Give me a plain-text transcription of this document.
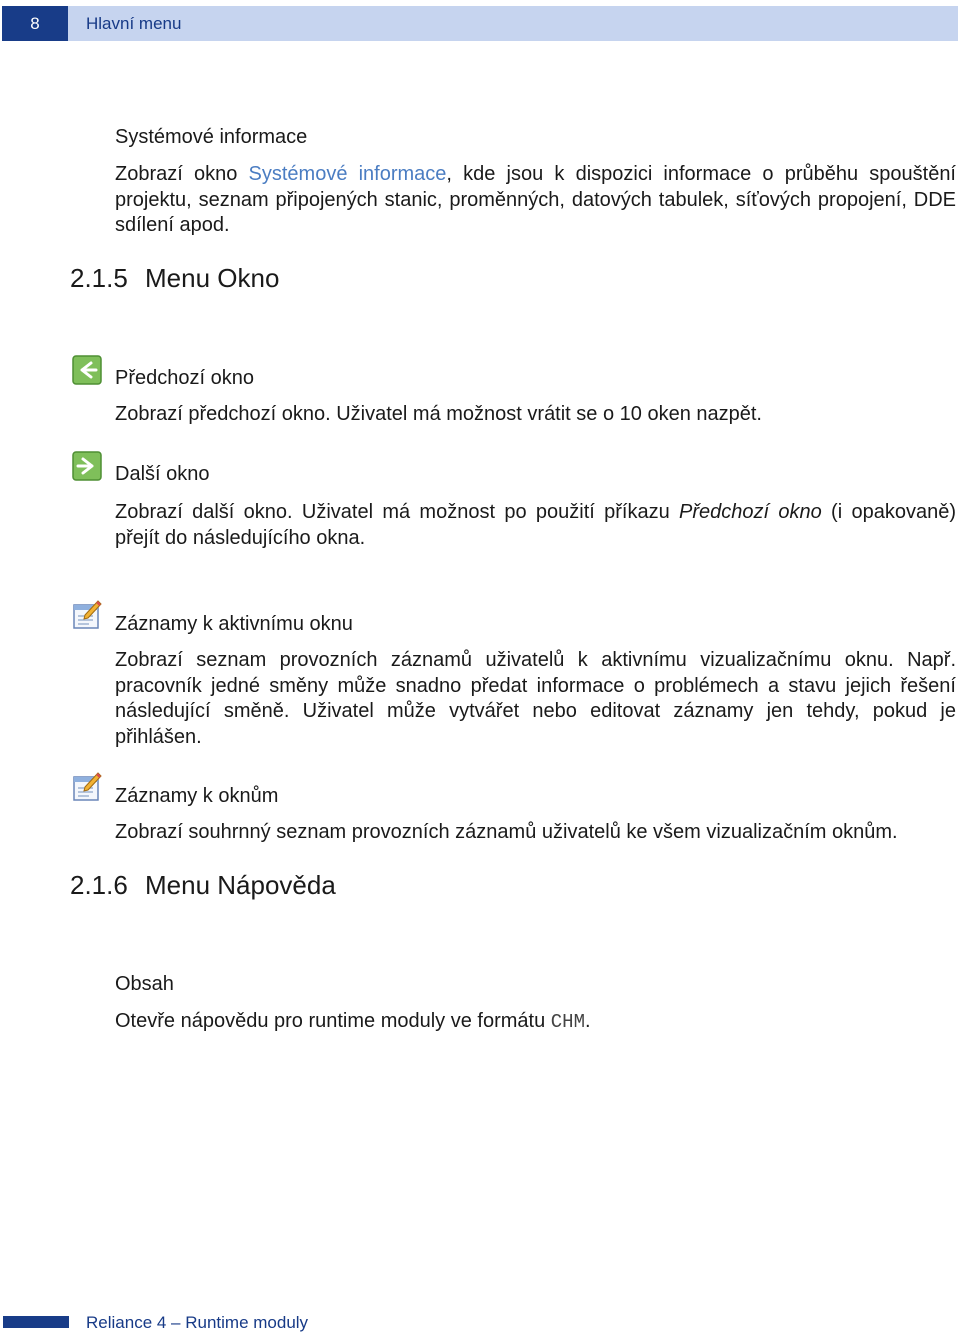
8	Hlavní menu
Systémové informace
Zobrazí okno Systémové informace, kde jsou k dispozici informace o průběhu spouštění projektu, seznam připojených stanic, proměnných, datových tabulek, síťových propojení, DDE sdílení apod.
2.1.5 Menu Okno
Předchozí okno
Zobrazí předchozí okno. Uživatel má možnost vrátit se o 10 oken nazpět.
Další okno
Zobrazí další okno. Uživatel má možnost po použití příkazu Předchozí okno (i opakovaně) přejít do následujícího okna.
Záznamy k aktivnímu oknu
Zobrazí seznam provozních záznamů uživatelů k aktivnímu vizualizačnímu oknu. Např. pracovník jedné směny může snadno předat informace o problémech a stavu jejich řešení následující směně. Uživatel může vytvářet nebo editovat záznamy jen tehdy, pokud je přihlášen.
Záznamy k oknům
Zobrazí souhrnný seznam provozních záznamů uživatelů ke všem vizualizačním oknům.
2.1.6 Menu Nápověda
Obsah
Otevře nápovědu pro runtime moduly ve formátu CHM.
Reliance 4 – Runtime moduly
